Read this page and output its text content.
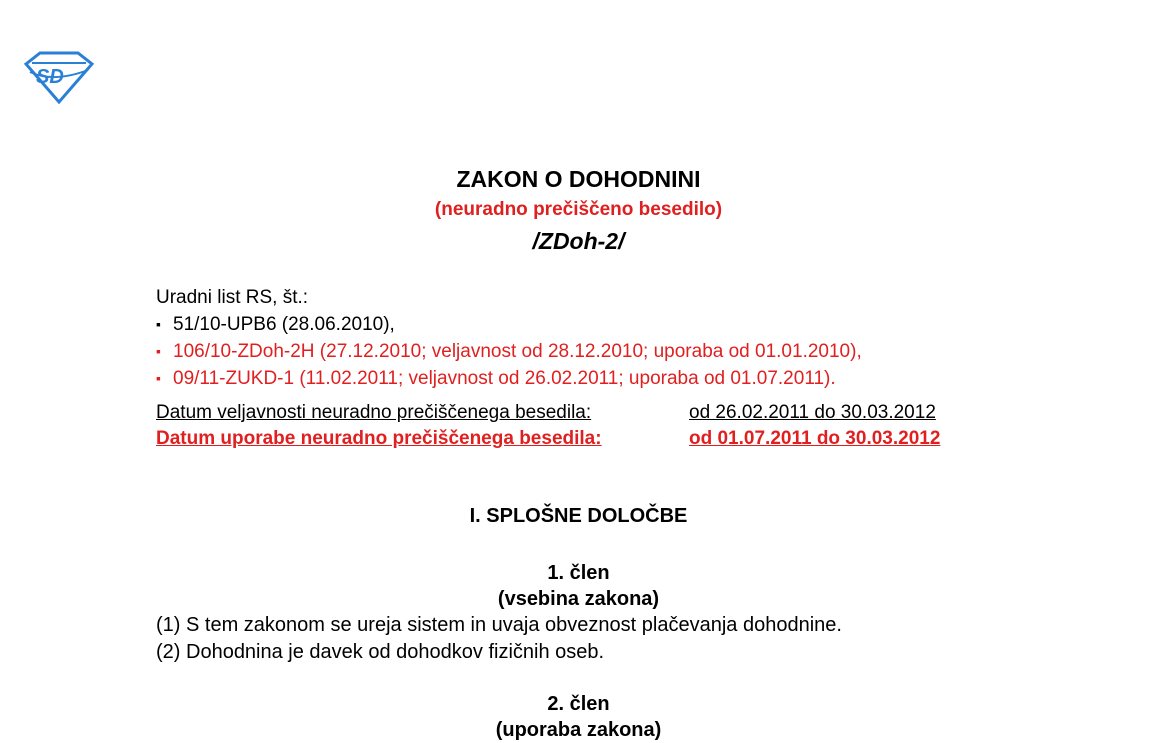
SD
ZAKON O DOHODNINI
(neuradno prečiščeno besedilo)
/ZDoh-2/
Uradni list RS, št.:
▪ 51/10-UPB6 (28.06.2010),
▪ 106/10-ZDoh-2H (27.12.2010; veljavnost od 28.12.2010; uporaba od 01.01.2010),
▪ 09/11-ZUKD-1 (11.02.2011; veljavnost od 26.02.2011; uporaba od 01.07.2011).
Datum veljavnosti neuradno prečiščenega besedila:	od 26.02.2011 do 30.03.2012
Datum uporabe neuradno prečiščenega besedila:	od 01.07.2011 do 30.03.2012
I. SPLOŠNE DOLOČBE
1. člen
(vsebina zakona)
(1) S tem zakonom se ureja sistem in uvaja obveznost plačevanja dohodnine.
(2) Dohodnina je davek od dohodkov fizičnih oseb.
2. člen
(uporaba zakona)
